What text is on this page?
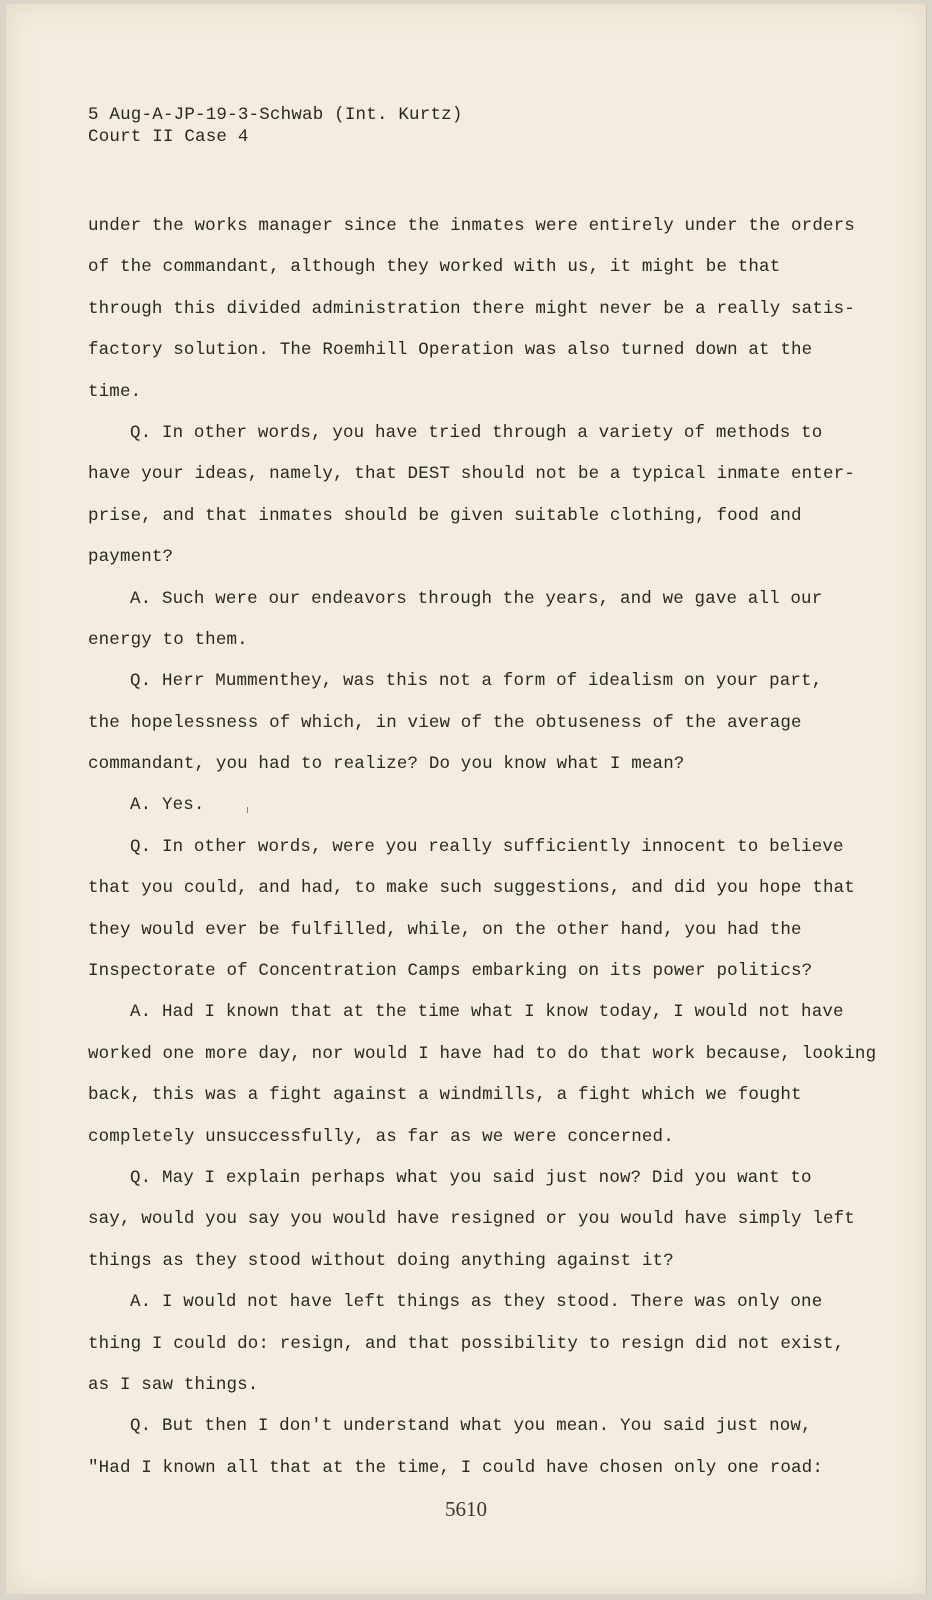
5 Aug-A-JP-19-3-Schwab (Int. Kurtz)
Court II Case 4
under the works manager since the inmates were entirely under the orders
of the commandant, although they worked with us, it might be that
through this divided administration there might never be a really satis-
factory solution. The Roemhill Operation was also turned down at the
time.
Q. In other words, you have tried through a variety of methods to
have your ideas, namely, that DEST should not be a typical inmate enter-
prise, and that inmates should be given suitable clothing, food and
payment?
A. Such were our endeavors through the years, and we gave all our
energy to them.
Q. Herr Mummenthey, was this not a form of idealism on your part,
the hopelessness of which, in view of the obtuseness of the average
commandant, you had to realize? Do you know what I mean?
A. Yes.
Q. In other words, were you really sufficiently innocent to believe
that you could, and had, to make such suggestions, and did you hope that
they would ever be fulfilled, while, on the other hand, you had the
Inspectorate of Concentration Camps embarking on its power politics?
A. Had I known that at the time what I know today, I would not have
worked one more day, nor would I have had to do that work because, looking
back, this was a fight against a windmills, a fight which we fought
completely unsuccessfully, as far as we were concerned.
Q. May I explain perhaps what you said just now? Did you want to
say, would you say you would have resigned or you would have simply left
things as they stood without doing anything against it?
A. I would not have left things as they stood. There was only one
thing I could do: resign, and that possibility to resign did not exist,
as I saw things.
Q. But then I don't understand what you mean. You said just now,
"Had I known all that at the time, I could have chosen only one road:
5610
